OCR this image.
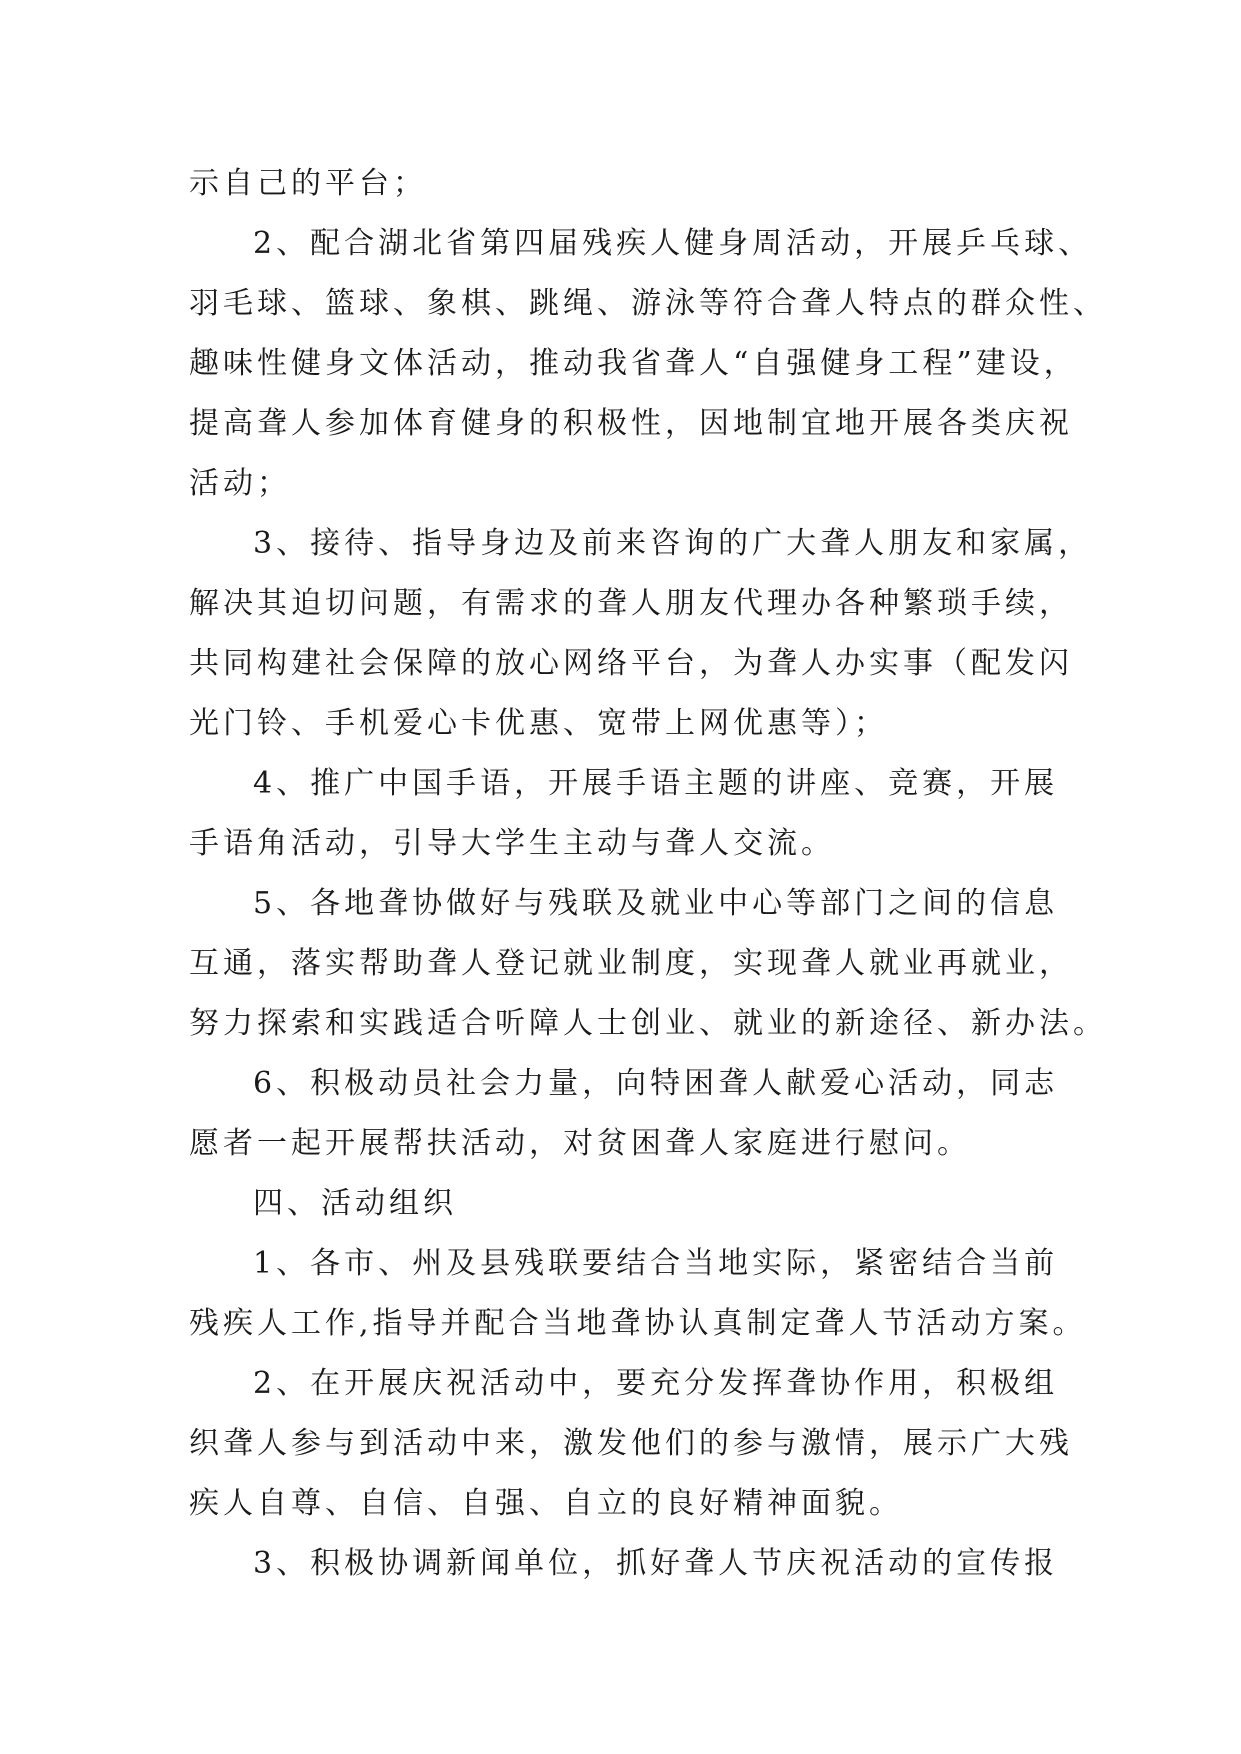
示自己的平台；
2 、 配 合 湖 北 省 第 四 届 残 疾 人 健 身 周 活 动 ， 开 展 乒 乓 球 、
羽 毛 球 、 篮 球 、 象 棋 、 跳 绳 、 游 泳 等 符 合 聋 人 特 点 的 群 众 性 、
趣 味 性 健 身 文 体 活 动 ， 推 动 我 省 聋 人 “ 自 强 健 身 工 程 ” 建 设 ，
提 高 聋 人 参 加 体 育 健 身 的 积 极 性 ， 因 地 制 宜 地 开 展 各 类 庆 祝
活动；
3 、 接 待 、 指 导 身 边 及 前 来 咨 询 的 广 大 聋 人 朋 友 和 家 属 ，
解 决 其 迫 切 问 题 ， 有 需 求 的 聋 人 朋 友 代 理 办 各 种 繁 琐 手 续 ，
共 同 构 建 社 会 保 障 的 放 心 网 络 平 台 ， 为 聋 人 办 实 事 （ 配 发 闪
光门铃、手机爱心卡优惠、宽带上网优惠等）；
4 、 推 广 中 国 手 语 ， 开 展 手 语 主 题 的 讲 座 、 竞 赛 ， 开 展
手语角活动，引导大学生主动与聋人交流。
5 、 各 地 聋 协 做 好 与 残 联 及 就 业 中 心 等 部 门 之 间 的 信 息
互 通 ， 落 实 帮 助 聋 人 登 记 就 业 制 度 ， 实 现 聋 人 就 业 再 就 业 ，
努 力 探 索 和 实 践 适 合 听 障 人 士 创 业 、 就 业 的 新 途 径 、 新 办 法 。
6 、 积 极 动 员 社 会 力 量 ， 向 特 困 聋 人 献 爱 心 活 动 ， 同 志
愿者一起开展帮扶活动，对贫困聋人家庭进行慰问。
四、活动组织
1 、 各 市 、 州 及 县 残 联 要 结 合 当 地 实 际 ， 紧 密 结 合 当 前
残 疾 人 工 作 , 指 导 并 配 合 当 地 聋 协 认 真 制 定 聋 人 节 活 动 方 案 。
2 、 在 开 展 庆 祝 活 动 中 ， 要 充 分 发 挥 聋 协 作 用 ， 积 极 组
织 聋 人 参 与 到 活 动 中 来 ， 激 发 他 们 的 参 与 激 情 ， 展 示 广 大 残
疾人自尊、自信、自强、自立的良好精神面貌。
3 、 积 极 协 调 新 闻 单 位 ， 抓 好 聋 人 节 庆 祝 活 动 的 宣 传 报
